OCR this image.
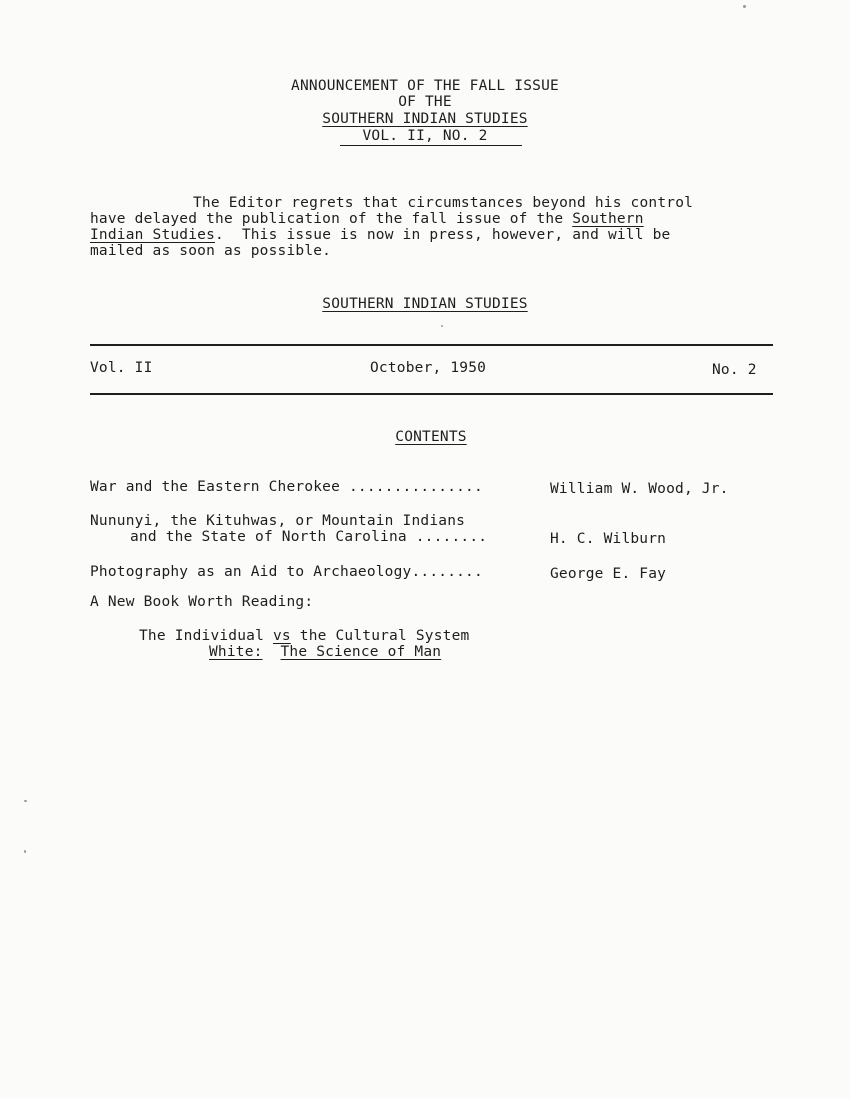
ANNOUNCEMENT OF THE FALL ISSUE
OF THE
SOUTHERN INDIAN STUDIES
VOL. II, NO. 2
The Editor regrets that circumstances beyond his control
have delayed the publication of the fall issue of the Southern
Indian Studies.  This issue is now in press, however, and will be
mailed as soon as possible.
SOUTHERN INDIAN STUDIES
Vol. II	October, 1950	No. 2
CONTENTS
War and the Eastern Cherokee ...............	William W. Wood, Jr.
Nununyi, the Kituhwas, or Mountain Indians
and the State of North Carolina ........	H. C. Wilburn
Photography as an Aid to Archaeology........	George E. Fay
A New Book Worth Reading:
The Individual vs the Cultural System
White: The Science of Man
